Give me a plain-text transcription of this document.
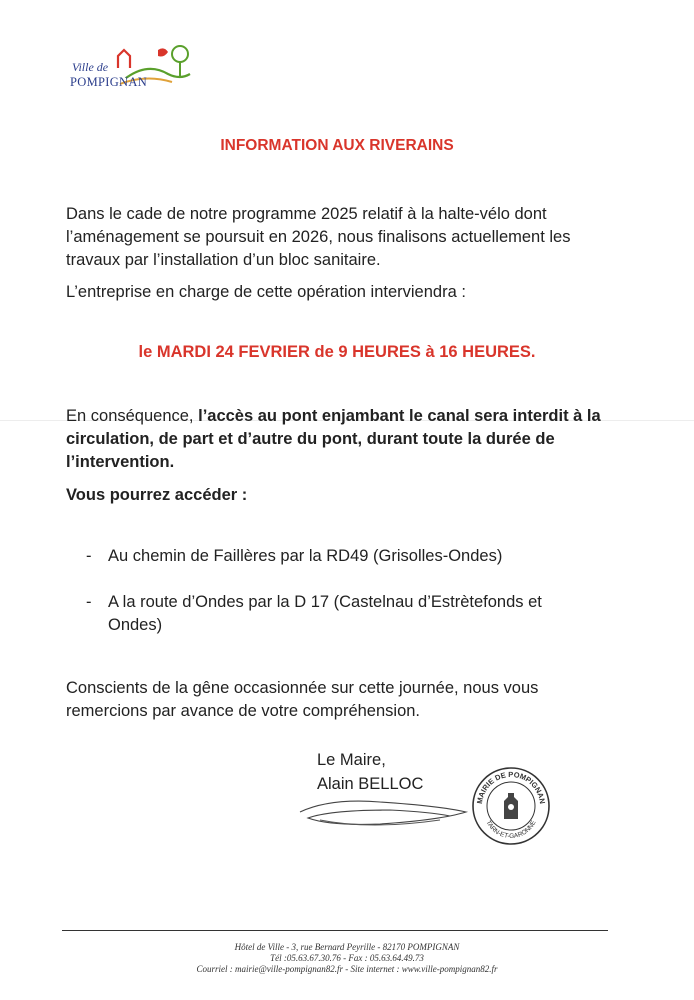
Ville de
POMPIGNAN
INFORMATION AUX RIVERAINS
Dans le cade de notre programme 2025 relatif à la halte-vélo dont l’aménagement se poursuit en 2026, nous finalisons actuellement les travaux par l’installation d’un bloc sanitaire.
L’entreprise en charge de cette opération interviendra :
le MARDI 24 FEVRIER de 9 HEURES à 16 HEURES.
En conséquence, l’accès au pont enjambant le canal sera interdit à la circulation, de part et d’autre du pont, durant toute la durée de l’intervention.
Vous pourrez accéder :
- Au chemin de Faillères par la RD49 (Grisolles-Ondes)
- A la route d’Ondes par la D 17 (Castelnau d’Estrètefonds et Ondes)
Conscients de la gêne occasionnée sur cette journée, nous vous remercions par avance de votre compréhension.
Le Maire,
Alain BELLOC
MAIRIE DE POMPIGNAN
TARN-ET-GARONNE
Hôtel de Ville - 3, rue Bernard Peyrille - 82170 POMPIGNAN
Tél :05.63.67.30.76 - Fax : 05.63.64.49.73
Courriel : mairie@ville-pompignan82.fr - Site internet : www.ville-pompignan82.fr
